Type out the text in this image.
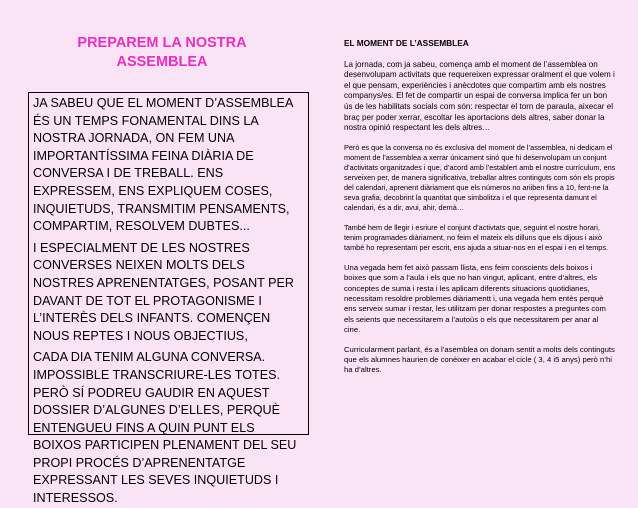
PREPAREM LA NOSTRA
ASSEMBLEA

JA SABEU QUE EL MOMENT D’ASSEMBLEA ÉS UN TEMPS FONAMENTAL DINS LA NOSTRA JORNADA, ON FEM UNA IMPORTANTÍSSIMA FEINA DIÀRIA DE CONVERSA I DE TREBALL. ENS EXPRESSEM, ENS EXPLIQUEM COSES, INQUIETUDS, TRANSMITIM PENSAMENTS, COMPARTIM, RESOLVEM DUBTES...

I ESPECIALMENT DE LES NOSTRES CONVERSES NEIXEN MOLTS DELS NOSTRES APRENENTATGES, POSANT PER DAVANT DE TOT EL PROTAGONISME I L’INTERÈS DELS INFANTS. COMENÇEN NOUS REPTES I NOUS OBJECTIUS,

CADA DIA TENIM ALGUNA CONVERSA. IMPOSSIBLE TRANSCRIURE-LES TOTES. PERÒ SÍ PODREU GAUDIR EN AQUEST DOSSIER D’ALGUNES D’ELLES, PERQUÈ ENTENGUEU FINS A QUIN PUNT ELS BOIXOS PARTICIPEN PLENAMENT DEL SEU PROPI PROCÉS D’APRENENTATGE EXPRESSANT LES SEVES INQUIETUDS I INTERESSOS.

EL MOMENT DE L’ASSEMBLEA

La jornada, com ja sabeu, comença amb el moment de l’assemblea on desenvolupam activitats que requereixen expressar oralment el que volem i el que pensam, experiències i anècdotes que compartim amb els nostres companys/es. El fet de compartir un espai de conversa implica fer un bon ús de les habilitats socials com són: respectar el torn de paraula, aixecar el braç per poder xerrar, escoltar les aportacions dels altres, saber donar la nostra opinió respectant les dels altres…

Però es que la conversa no és exclusiva del moment de l’assemblea, ni dedicam el moment de l’assemblea a xerrar únicament sinó que hi desenvolupam un conjunt d’activitats organitzades i que, d’acord amb l’establert amb el nostre currículum, ens serveixen per, de manera significativa, treballar altres continguts com són els propis del calendari, aprenent diàriament que els números no ariiben fins a 10, fent-ne la seva grafia, decobrint la quantitat que simbolitza i el que representa damunt el calendari, és a dir, avui, ahir, demà…

També hem de llegir i esriure el conjunt d’activtats que, seguint el nostre horari, tenim programades diàriament, no feim el mateix els dilluns que els dijous i això també ho representam per escrit, ens ajuda a situar-nos en el espai i en el temps.

Una vegada hem fet això passam llista, ens feim conscients dels boixos i boixes que som a l’aula i els que no han vingut, aplicant, entre d’altres, els conceptes de suma i resta i les aplicam diferents situacions quotidianes, necessitam resoldre problemes diàriamentt i, una vegada hem entès perquè ens serveix sumar i restar, les utilitzam per donar respostes a preguntes com els seients que necessitarem a l’autoùs o els que necessitarem per anar al cine.

Curricularment parlant, és a l’asemblea on donam sentit a molts dels continguts que els alumnes haurien de conèixer en acabar el cicle ( 3, 4 i5 anys) però n’hi ha d’altres.
